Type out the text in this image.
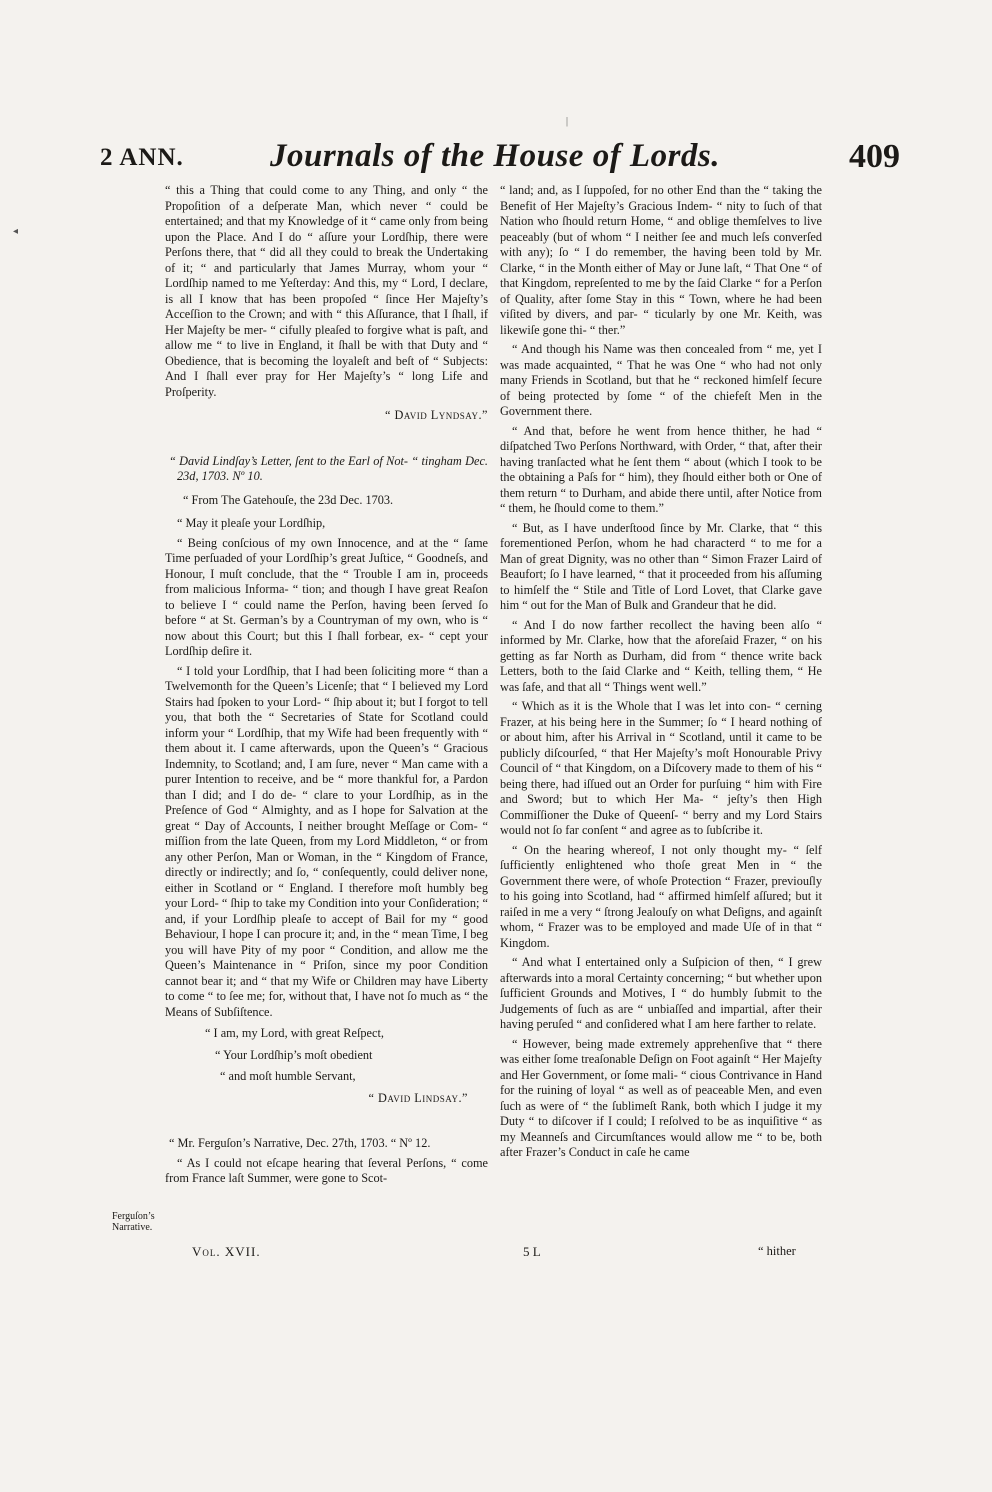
2 ANN.	Journals of the House of Lords.	409

“ this a Thing that could come to any Thing, and only “ the Propoſition of a deſperate Man, which never “ could be entertained; and that my Knowledge of it “ came only from being upon the Place. And I do “ aſſure your Lordſhip, there were Perſons there, that “ did all they could to break the Undertaking of it; “ and particularly that James Murray, whom your “ Lordſhip named to me Yeſterday: And this, my “ Lord, I declare, is all I know that has been propoſed “ ſince Her Majeſty’s Acceſſion to the Crown; and with “ this Aſſurance, that I ſhall, if Her Majeſty be mer- “ cifully pleaſed to forgive what is paſt, and allow me “ to live in England, it ſhall be with that Duty and “ Obedience, that is becoming the loyaleſt and beſt of “ Subjects: And I ſhall ever pray for Her Majeſty’s “ long Life and Proſperity.

“ David Lyndsay.”

“ David Lindſay’s Letter, ſent to the Earl of Not- “ tingham Dec. 23d, 1703. Nº 10.

“ From The Gatehouſe, the 23d Dec. 1703.

“ May it pleaſe your Lordſhip,

“ Being conſcious of my own Innocence, and at the “ ſame Time perſuaded of your Lordſhip’s great Juſtice, “ Goodneſs, and Honour, I muſt conclude, that the “ Trouble I am in, proceeds from malicious Informa- “ tion; and though I have great Reaſon to believe I “ could name the Perſon, having been ſerved ſo before “ at St. German’s by a Countryman of my own, who is “ now about this Court; but this I ſhall forbear, ex- “ cept your Lordſhip deſire it.

“ I told your Lordſhip, that I had been ſoliciting more “ than a Twelvemonth for the Queen’s Licenſe; that “ I believed my Lord Stairs had ſpoken to your Lord- “ ſhip about it; but I forgot to tell you, that both the “ Secretaries of State for Scotland could inform your “ Lordſhip, that my Wife had been frequently with “ them about it. I came afterwards, upon the Queen’s “ Gracious Indemnity, to Scotland; and, I am ſure, never “ Man came with a purer Intention to receive, and be “ more thankful for, a Pardon than I did; and I do de- “ clare to your Lordſhip, as in the Preſence of God “ Almighty, and as I hope for Salvation at the great “ Day of Accounts, I neither brought Meſſage or Com- “ miſſion from the late Queen, from my Lord Middleton, “ or from any other Perſon, Man or Woman, in the “ Kingdom of France, directly or indirectly; and ſo, “ conſequently, could deliver none, either in Scotland or “ England. I therefore moſt humbly beg your Lord- “ ſhip to take my Condition into your Conſideration; “ and, if your Lordſhip pleaſe to accept of Bail for my “ good Behaviour, I hope I can procure it; and, in the “ mean Time, I beg you will have Pity of my poor “ Condition, and allow me the Queen’s Maintenance in “ Priſon, since my poor Condition cannot bear it; and “ that my Wife or Children may have Liberty to come “ to ſee me; for, without that, I have not ſo much as “ the Means of Subſiſtence.

“ I am, my Lord, with great Reſpect,

“ Your Lordſhip’s moſt obedient

“ and moſt humble Servant,

“ David Lindsay.”

“ Mr. Ferguſon’s Narrative, Dec. 27th, 1703. “ Nº 12.

“ As I could not eſcape hearing that ſeveral Perſons, “ come from France laſt Summer, were gone to Scot-

“ land; and, as I ſuppoſed, for no other End than the “ taking the Benefit of Her Majeſty’s Gracious Indem- “ nity to ſuch of that Nation who ſhould return Home, “ and oblige themſelves to live peaceably (but of whom “ I neither ſee and much leſs converſed with any); ſo “ I do remember, the having been told by Mr. Clarke, “ in the Month either of May or June laſt, “ That One “ of that Kingdom, repreſented to me by the ſaid Clarke “ for a Perſon of Quality, after ſome Stay in this “ Town, where he had been viſited by divers, and par- “ ticularly by one Mr. Keith, was likewiſe gone thi- “ ther.”

“ And though his Name was then concealed from “ me, yet I was made acquainted, “ That he was One “ who had not only many Friends in Scotland, but that he “ reckoned himſelf ſecure of being protected by ſome “ of the chiefeſt Men in the Government there.

“ And that, before he went from hence thither, he had “ diſpatched Two Perſons Northward, with Order, “ that, after their having tranſacted what he ſent them “ about (which I took to be the obtaining a Paſs for “ him), they ſhould either both or One of them return “ to Durham, and abide there until, after Notice from “ them, he ſhould come to them.”

“ But, as I have underſtood ſince by Mr. Clarke, that “ this forementioned Perſon, whom he had characterd “ to me for a Man of great Dignity, was no other than “ Simon Frazer Laird of Beaufort; ſo I have learned, “ that it proceeded from his aſſuming to himſelf the “ Stile and Title of Lord Lovet, that Clarke gave him “ out for the Man of Bulk and Grandeur that he did.

“ And I do now farther recollect the having been alſo “ informed by Mr. Clarke, how that the aforeſaid Frazer, “ on his getting as far North as Durham, did from “ thence write back Letters, both to the ſaid Clarke and “ Keith, telling them, “ He was ſafe, and that all “ Things went well.”

“ Which as it is the Whole that I was let into con- “ cerning Frazer, at his being here in the Summer; ſo “ I heard nothing of or about him, after his Arrival in “ Scotland, until it came to be publicly diſcourſed, “ that Her Majeſty’s moſt Honourable Privy Council of “ that Kingdom, on a Diſcovery made to them of his “ being there, had iſſued out an Order for purſuing “ him with Fire and Sword; but to which Her Ma- “ jeſty’s then High Commiſſioner the Duke of Queenſ- “ berry and my Lord Stairs would not ſo far conſent “ and agree as to ſubſcribe it.

“ On the hearing whereof, I not only thought my- “ ſelf ſufficiently enlightened who thoſe great Men in “ the Government there were, of whoſe Protection “ Frazer, previouſly to his going into Scotland, had “ affirmed himſelf aſſured; but it raiſed in me a very “ ſtrong Jealouſy on what Deſigns, and againſt whom, “ Frazer was to be employed and made Uſe of in that “ Kingdom.

“ And what I entertained only a Suſpicion of then, “ I grew afterwards into a moral Certainty concerning; “ but whether upon ſufficient Grounds and Motives, I “ do humbly ſubmit to the Judgements of ſuch as are “ unbiaſſed and impartial, after their having peruſed “ and conſidered what I am here farther to relate.

“ However, being made extremely apprehenſive that “ there was either ſome treaſonable Deſign on Foot againſt “ Her Majeſty and Her Government, or ſome mali- “ cious Contrivance in Hand for the ruining of loyal “ as well as of peaceable Men, and even ſuch as were of “ the ſublimeſt Rank, both which I judge it my Duty “ to diſcover if I could; I reſolved to be as inquiſitive “ as my Meanneſs and Circumſtances would allow me “ to be, both after Frazer’s Conduct in caſe he came

Ferguſon’s Narrative.
Vol. XVII.	5 L	“ hither
|
◂
